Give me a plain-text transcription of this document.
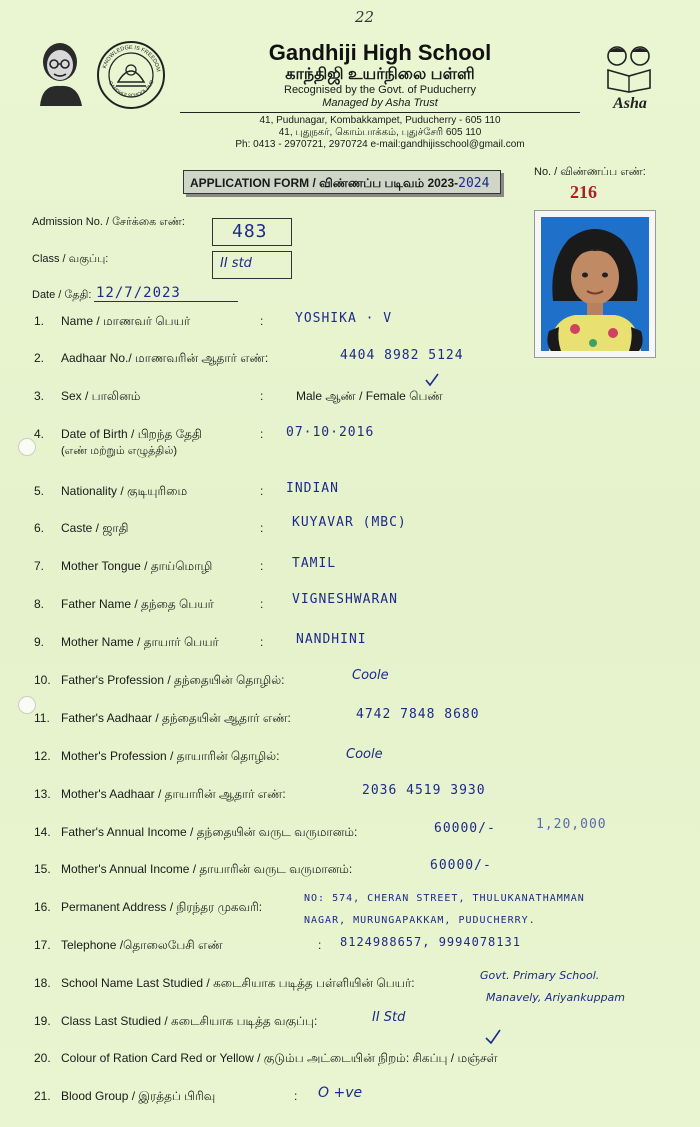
22
KNOWLEDGE IS FREEDOM
GANDHIJI SCHOOL PUD
Gandhiji High School
காந்திஜி உயர்நிலை பள்ளி
Recognised by the Govt. of Puducherry
Managed by Asha Trust
41, Pudunagar, Kombakkampet, Puducherry - 605 110
41, புதுநகர், கொம்பாக்கம், புதுச்சேரி 605 110
Ph: 0413 - 2970721, 2970724 e-mail:gandhijisschool@gmail.com
Asha
APPLICATION FORM / விண்ணப்ப படிவம் 2023-2024
No. / விண்ணப்ப எண்:
216
Admission No. / சேர்க்கை எண்:	483
Class / வகுப்பு:	II std
Date / தேதி: 12/7/2023
1. Name / மாணவர் பெயர்	: YOSHIKA · V
2. Aadhaar No./ மாணவரின் ஆதார் எண்:	4404 8982 5124
3. Sex / பாலினம்	:	Male ஆண் / Female பெண்
4. Date of Birth / பிறந்த தேதி
(எண் மற்றும் எழுத்தில்)
: 07·10·2016
5. Nationality / குடியுரிமை	: INDIAN
6. Caste / ஜாதி	: KUYAVAR (MBC)
7. Mother Tongue / தாய்மொழி	: TAMIL
8. Father Name / தந்தை பெயர்	: VIGNESHWARAN
9. Mother Name / தாயார் பெயர்	:	NANDHINI
10. Father's Profession / தந்தையின் தொழில்:	Coole
11. Father's Aadhaar / தந்தையின் ஆதார் எண்:	4742 7848 8680
12. Mother's Profession / தாயாரின் தொழில்:	Coole
13. Mother's Aadhaar / தாயாரின் ஆதார் எண்:	2036 4519 3930
14. Father's Annual Income / தந்தையின் வருட வருமானம்:	60000/-	1,20,000
15. Mother's Annual Income / தாயாரின் வருட வருமானம்:	60000/-
16. Permanent Address / நிரந்தர முகவரி:
NO: 574, CHERAN STREET, THULUKANATHAMMAN
NAGAR, MURUNGAPAKKAM, PUDUCHERRY.
17. Telephone /தொலைபேசி எண்	: 8124988657, 9994078131
18. School Name Last Studied / கடைசியாக படித்த பள்ளியின் பெயர்:
Govt. Primary School.
Manavely, Ariyankuppam
19. Class Last Studied / கடைசியாக படித்த வகுப்பு:	II Std
20. Colour of Ration Card Red or Yellow / குடும்ப அட்டையின் நிறம்: சிகப்பு / மஞ்சள்
21. Blood Group / இரத்தப் பிரிவு	: O +ve
